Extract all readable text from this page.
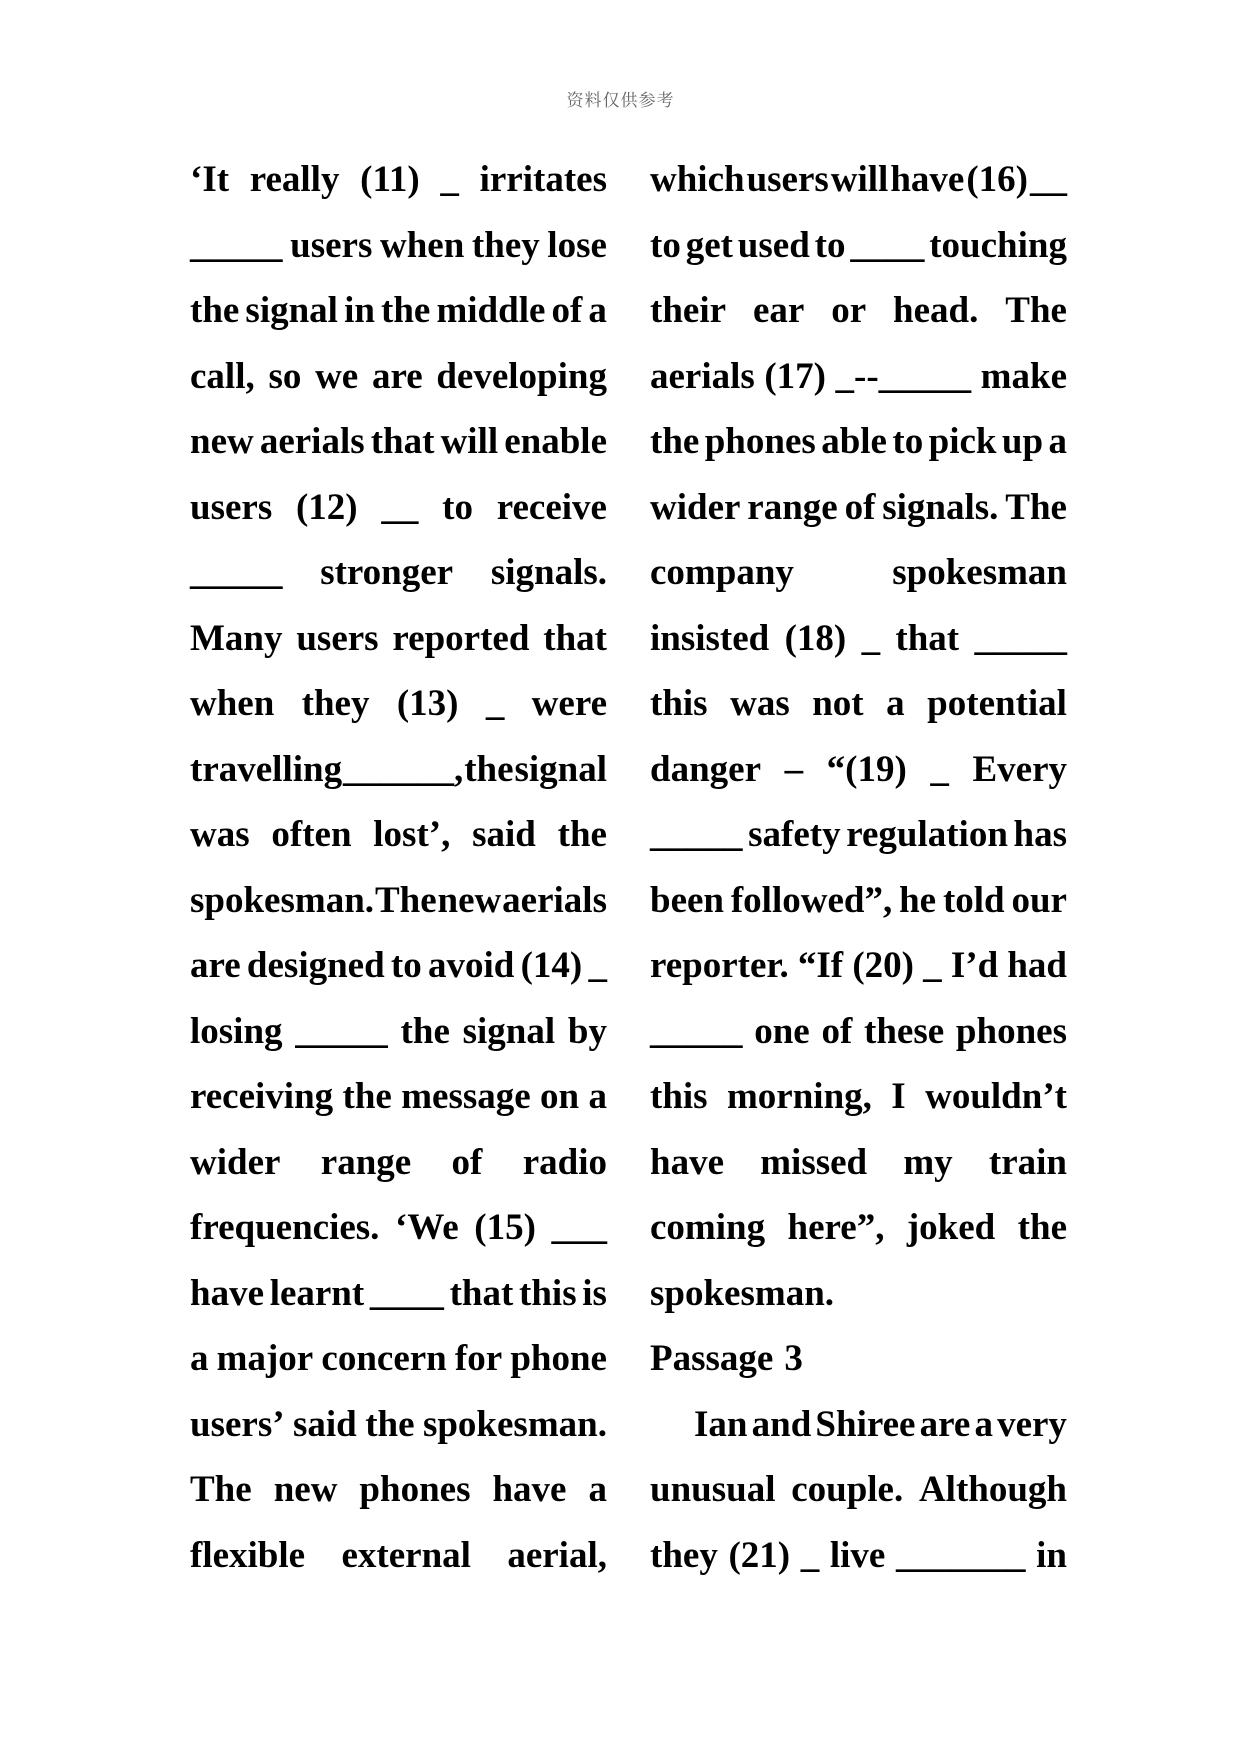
资料仅供参考
‘It really (11) _ irritates
_____ users when they lose
the signal in the middle of a
call, so we are developing
new aerials that will enable
users (12) __ to receive
_____ stronger signals.
Many users reported that
when they (13) _ were
travelling ______, the signal
was often lost’, said the
spokesman. The new aerials
are designed to avoid (14) _
losing _____ the signal by
receiving the message on a
wider range of radio
frequencies. ‘We (15) ___
have learnt ____ that this is
a major concern for phone
users’ said the spokesman.
The new phones have a
flexible external aerial,
which users will have (16) __
to get used to ____ touching
their ear or head. The
aerials (17) _--_____ make
the phones able to pick up a
wider range of signals. The
company	spokesman
insisted (18) _ that _____
this was not a potential
danger – “(19) _ Every
_____ safety regulation has
been followed”, he told our
reporter. “If (20) _ I’d had
_____ one of these phones
this morning, I wouldn’t
have missed my train
coming here”, joked the
spokesman.
Passage 3
Ian and Shiree are a very
unusual couple. Although
they (21) _ live _______ in
